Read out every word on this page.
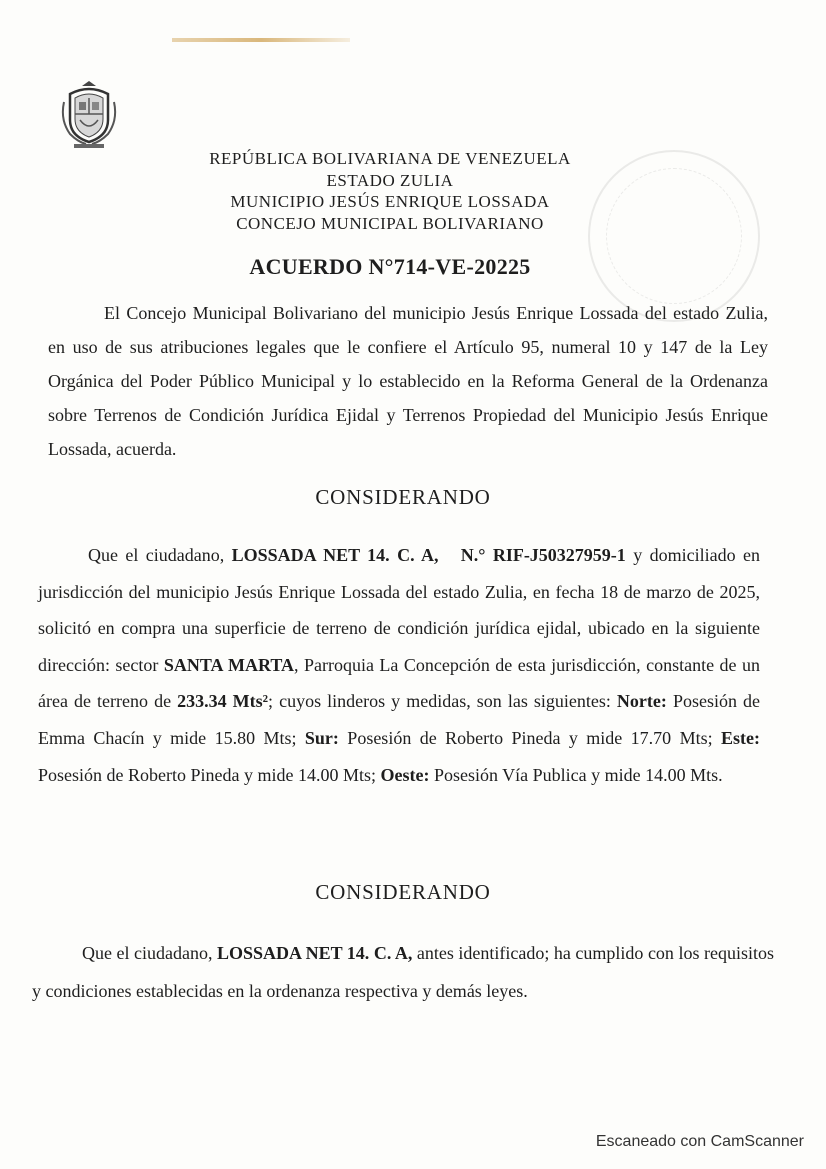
REPÚBLICA BOLIVARIANA DE VENEZUELA
ESTADO ZULIA
MUNICIPIO JESÚS ENRIQUE LOSSADA
CONCEJO MUNICIPAL BOLIVARIANO
ACUERDO N°714-VE-20225

El Concejo Municipal Bolivariano del municipio Jesús Enrique Lossada del estado Zulia, en uso de sus atribuciones legales que le confiere el Artículo 95, numeral 10 y 147 de la Ley Orgánica del Poder Público Municipal y lo establecido en la Reforma General de la Ordenanza sobre Terrenos de Condición Jurídica Ejidal y Terrenos Propiedad del Municipio Jesús Enrique Lossada, acuerda.

CONSIDERANDO

Que el ciudadano, LOSSADA NET 14. C. A, N.° RIF-J50327959-1 y domiciliado en jurisdicción del municipio Jesús Enrique Lossada del estado Zulia, en fecha 18 de marzo de 2025, solicitó en compra una superficie de terreno de condición jurídica ejidal, ubicado en la siguiente dirección: sector SANTA MARTA, Parroquia La Concepción de esta jurisdicción, constante de un área de terreno de 233.34 Mts²; cuyos linderos y medidas, son las siguientes: Norte: Posesión de Emma Chacín y mide 15.80 Mts; Sur: Posesión de Roberto Pineda y mide 17.70 Mts; Este: Posesión de Roberto Pineda y mide 14.00 Mts; Oeste: Posesión Vía Publica y mide 14.00 Mts.

CONSIDERANDO

Que el ciudadano, LOSSADA NET 14. C. A, antes identificado; ha cumplido con los requisitos y condiciones establecidas en la ordenanza respectiva y demás leyes.

Escaneado con CamScanner
